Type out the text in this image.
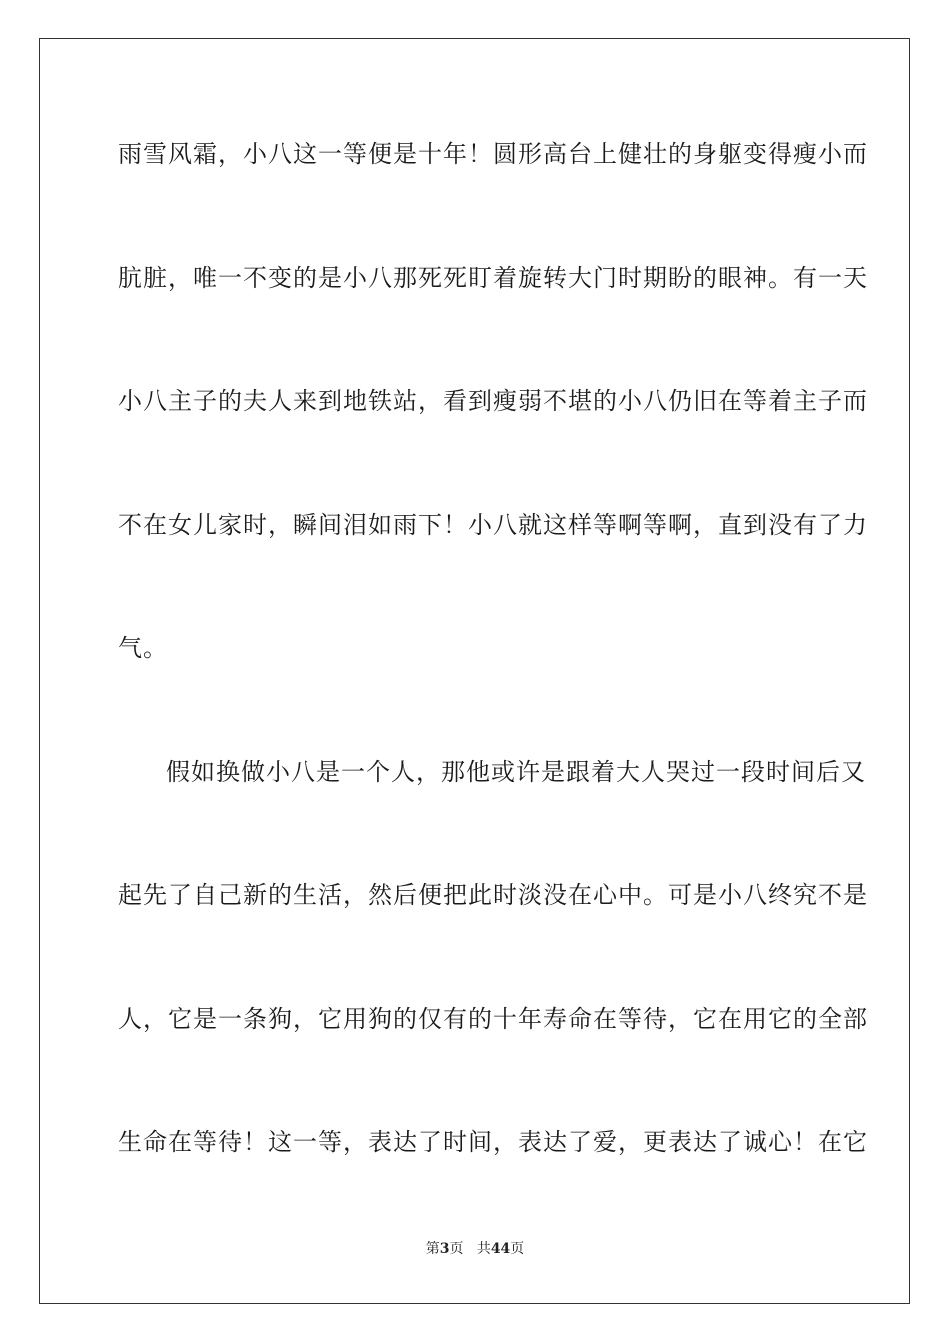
雨雪风霜，小八这一等便是十年！圆形高台上健壮的身躯变得瘦小而
肮脏，唯一不变的是小八那死死盯着旋转大门时期盼的眼神。有一天
小八主子的夫人来到地铁站，看到瘦弱不堪的小八仍旧在等着主子而
不在女儿家时，瞬间泪如雨下！小八就这样等啊等啊，直到没有了力
气。
假如换做小八是一个人，那他或许是跟着大人哭过一段时间后又
起先了自己新的生活，然后便把此时淡没在心中。可是小八终究不是
人，它是一条狗，它用狗的仅有的十年寿命在等待，它在用它的全部
生命在等待！这一等，表达了时间，表达了爱，更表达了诚心！在它
第3页 共44页
